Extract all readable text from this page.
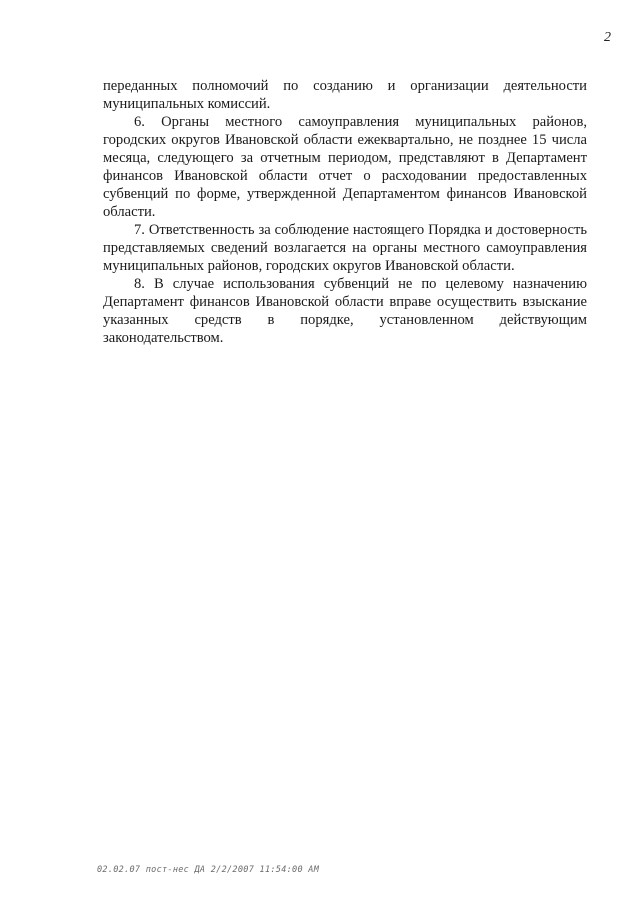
2

переданных полномочий по созданию и организации деятельности муниципальных комиссий.

6. Органы местного самоуправления муниципальных районов, городских округов Ивановской области ежеквартально, не позднее 15 числа месяца, следующего за отчетным периодом, представляют в Департамент финансов Ивановской области отчет о расходовании предоставленных субвенций по форме, утвержденной Департаментом финансов Ивановской области.

7. Ответственность за соблюдение настоящего Порядка и достоверность представляемых сведений возлагается на органы местного самоуправления муниципальных районов, городских округов Ивановской области.

8. В случае использования субвенций не по целевому назначению Департамент финансов Ивановской области вправе осуществить взыскание указанных средств в порядке, установленном действующим законодательством.

02.02.07 пост-нес ДА 2/2/2007 11:54:00 AM
